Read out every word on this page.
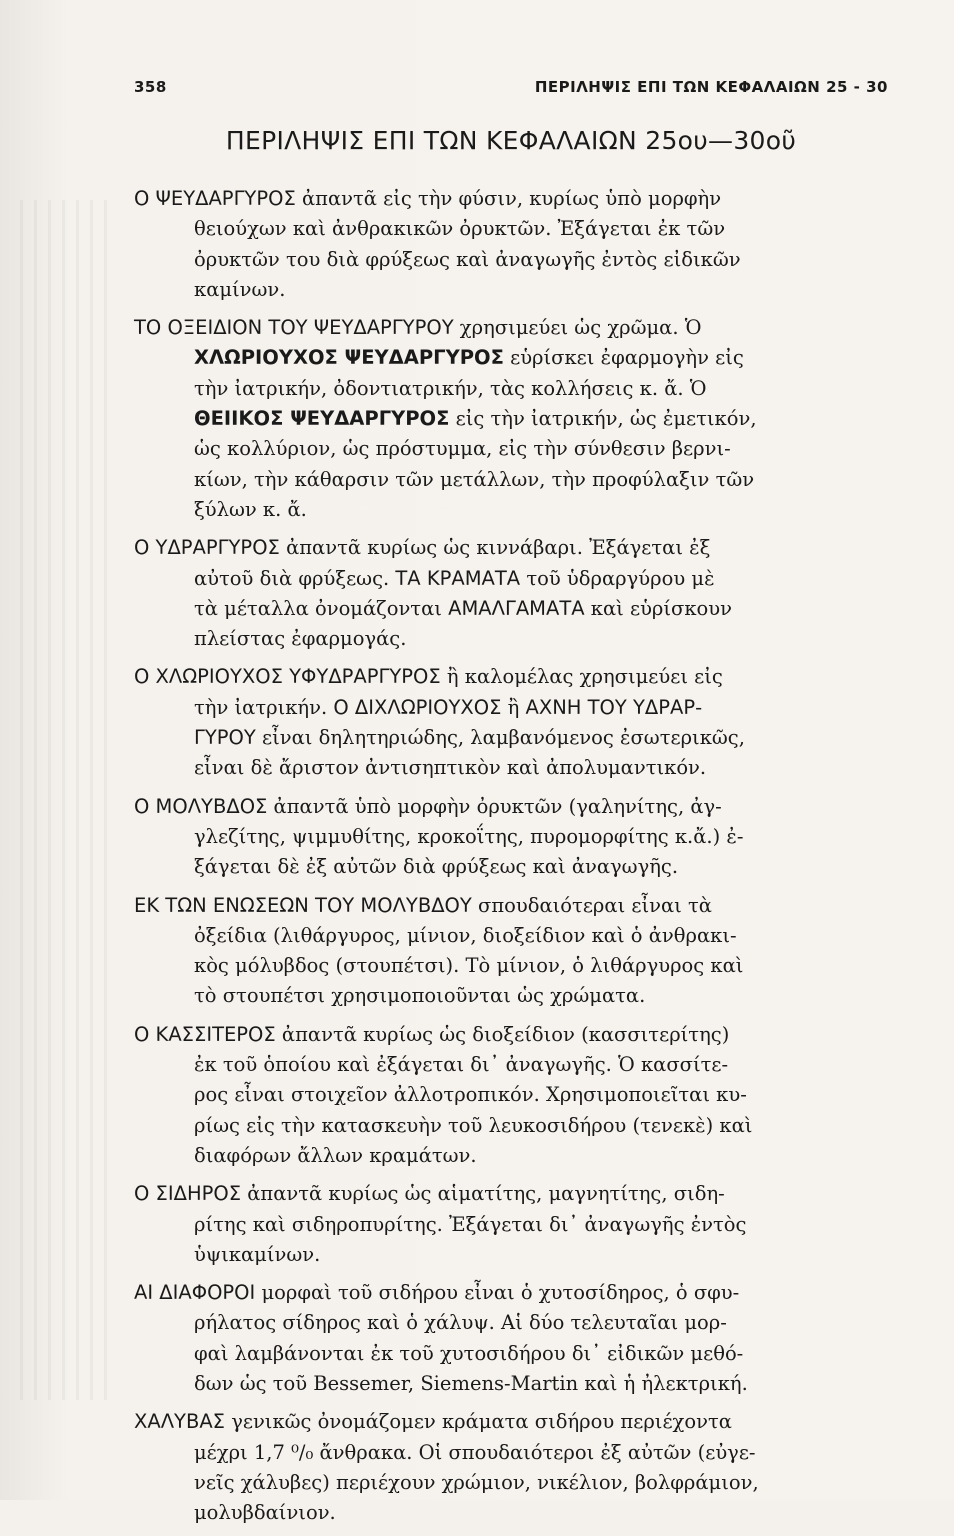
358	ΠΕΡΙΛΗΨΙΣ ΕΠΙ ΤΩΝ ΚΕΦΑΛΑΙΩΝ 25 - 30
ΠΕΡΙΛΗΨΙΣ ΕΠΙ ΤΩΝ ΚΕΦΑΛΑΙΩΝ 25ου—30οῦ

Ο ΨΕΥΔΑΡΓΥΡΟΣ ἀπαντᾶ εἰς τὴν φύσιν, κυρίως ὑπὸ μορφὴν
θειούχων καὶ ἀνθρακικῶν ὀρυκτῶν. Ἐξάγεται ἐκ τῶν
ὀρυκτῶν του διὰ φρύξεως καὶ ἀναγωγῆς ἐντὸς εἰδικῶν
καμίνων.

ΤΟ ΟΞΕΙΔΙΟΝ ΤΟΥ ΨΕΥΔΑΡΓΥΡΟΥ χρησιμεύει ὡς χρῶμα. Ὁ
ΧΛΩΡΙΟΥΧΟΣ ΨΕΥΔΑΡΓΥΡΟΣ εὑρίσκει ἐφαρμογὴν εἰς
τὴν ἰατρικήν, ὀδοντιατρικήν, τὰς κολλήσεις κ. ἄ. Ὁ
ΘΕΙΙΚΟΣ ΨΕΥΔΑΡΓΥΡΟΣ εἰς τὴν ἰατρικήν, ὡς ἐμετικόν,
ὡς κολλύριον, ὡς πρόστυμμα, εἰς τὴν σύνθεσιν βερνι-
κίων, τὴν κάθαρσιν τῶν μετάλλων, τὴν προφύλαξιν τῶν
ξύλων κ. ἄ.

Ο ΥΔΡΑΡΓΥΡΟΣ ἀπαντᾶ κυρίως ὡς κιννάβαρι. Ἐξάγεται ἐξ
αὐτοῦ διὰ φρύξεως. ΤΑ ΚΡΑΜΑΤΑ τοῦ ὑδραργύρου μὲ
τὰ μέταλλα ὀνομάζονται ΑΜΑΛΓΑΜΑΤΑ καὶ εὑρίσκουν
πλείστας ἐφαρμογάς.

Ο ΧΛΩΡΙΟΥΧΟΣ ΥΦΥΔΡΑΡΓΥΡΟΣ ἢ καλομέλας χρησιμεύει εἰς
τὴν ἰατρικήν. Ο ΔΙΧΛΩΡΙΟΥΧΟΣ ἢ ΑΧΝΗ ΤΟΥ ΥΔΡΑΡ-
ΓΥΡΟΥ εἶναι δηλητηριώδης, λαμβανόμενος ἐσωτερικῶς,
εἶναι δὲ ἄριστον ἀντισηπτικὸν καὶ ἀπολυμαντικόν.

Ο ΜΟΛΥΒΔΟΣ ἀπαντᾶ ὑπὸ μορφὴν ὀρυκτῶν (γαληνίτης, ἀγ-
γλεζίτης, ψιμμυθίτης, κροκοΐτης, πυρομορφίτης κ.ἄ.) ἐ-
ξάγεται δὲ ἐξ αὐτῶν διὰ φρύξεως καὶ ἀναγωγῆς.

ΕΚ ΤΩΝ ΕΝΩΣΕΩΝ ΤΟΥ ΜΟΛΥΒΔΟΥ σπουδαιότεραι εἶναι τὰ
ὀξείδια (λιθάργυρος, μίνιον, διοξείδιον καὶ ὁ ἀνθρακι-
κὸς μόλυβδος (στουπέτσι). Τὸ μίνιον, ὁ λιθάργυρος καὶ
τὸ στουπέτσι χρησιμοποιοῦνται ὡς χρώματα.

Ο ΚΑΣΣΙΤΕΡΟΣ ἀπαντᾶ κυρίως ὡς διοξείδιον (κασσιτερίτης)
ἐκ τοῦ ὁποίου καὶ ἐξάγεται δι᾽ ἀναγωγῆς. Ὁ κασσίτε-
ρος εἶναι στοιχεῖον ἀλλοτροπικόν. Χρησιμοποιεῖται κυ-
ρίως εἰς τὴν κατασκευὴν τοῦ λευκοσιδήρου (τενεκὲ) καὶ
διαφόρων ἄλλων κραμάτων.

Ο ΣΙΔΗΡΟΣ ἀπαντᾶ κυρίως ὡς αἱματίτης, μαγνητίτης, σιδη-
ρίτης καὶ σιδηροπυρίτης. Ἐξάγεται δι᾽ ἀναγωγῆς ἐντὸς
ὑψικαμίνων.

ΑΙ ΔΙΑΦΟΡΟΙ μορφαὶ τοῦ σιδήρου εἶναι ὁ χυτοσίδηρος, ὁ σφυ-
ρήλατος σίδηρος καὶ ὁ χάλυψ. Αἱ δύο τελευταῖαι μορ-
φαὶ λαμβάνονται ἐκ τοῦ χυτοσιδήρου δι᾽ εἰδικῶν μεθό-
δων ὡς τοῦ Bessemer, Siemens-Martin καὶ ἡ ἠλεκτρική.

ΧΑΛΥΒΑΣ γενικῶς ὀνομάζομεν κράματα σιδήρου περιέχοντα
μέχρι 1,7 ⁰/₀ ἄνθρακα. Οἱ σπουδαιότεροι ἐξ αὐτῶν (εὐγε-
νεῖς χάλυβες) περιέχουν χρώμιον, νικέλιον, βολφράμιον,
μολυβδαίνιον.
